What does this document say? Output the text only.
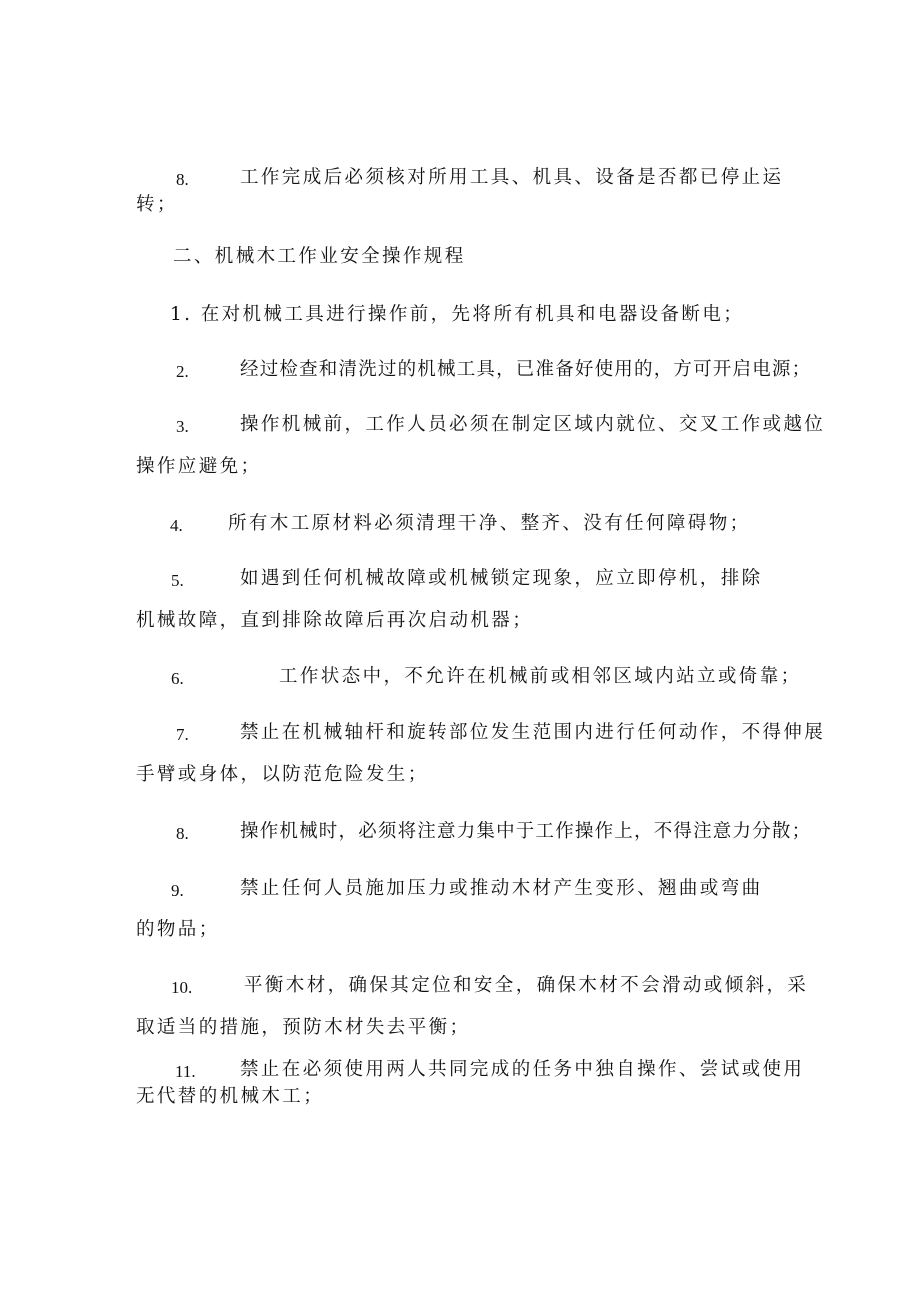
8.	工作完成后必须核对所用工具、机具、设备是否都已停止运
转；
二、机械木工作业安全操作规程
1. 在对机械工具进行操作前，先将所有机具和电器设备断电；
2.	经过检查和清洗过的机械工具，已准备好使用的，方可开启电源；
3.	操作机械前，工作人员必须在制定区域内就位、交叉工作或越位
操作应避免；
4. 所有木工原材料必须清理干净、整齐、没有任何障碍物；
5.	如遇到任何机械故障或机械锁定现象，应立即停机，排除
机械故障，直到排除故障后再次启动机器；
6.	工作状态中，不允许在机械前或相邻区域内站立或倚靠；
7.	禁止在机械轴杆和旋转部位发生范围内进行任何动作，不得伸展
手臂或身体，以防范危险发生；
8.	操作机械时，必须将注意力集中于工作操作上，不得注意力分散；
9.	禁止任何人员施加压力或推动木材产生变形、翘曲或弯曲
的物品；
10.	平衡木材，确保其定位和安全，确保木材不会滑动或倾斜，采
取适当的措施，预防木材失去平衡；
11. 禁止在必须使用两人共同完成的任务中独自操作、尝试或使用
无代替的机械木工；
